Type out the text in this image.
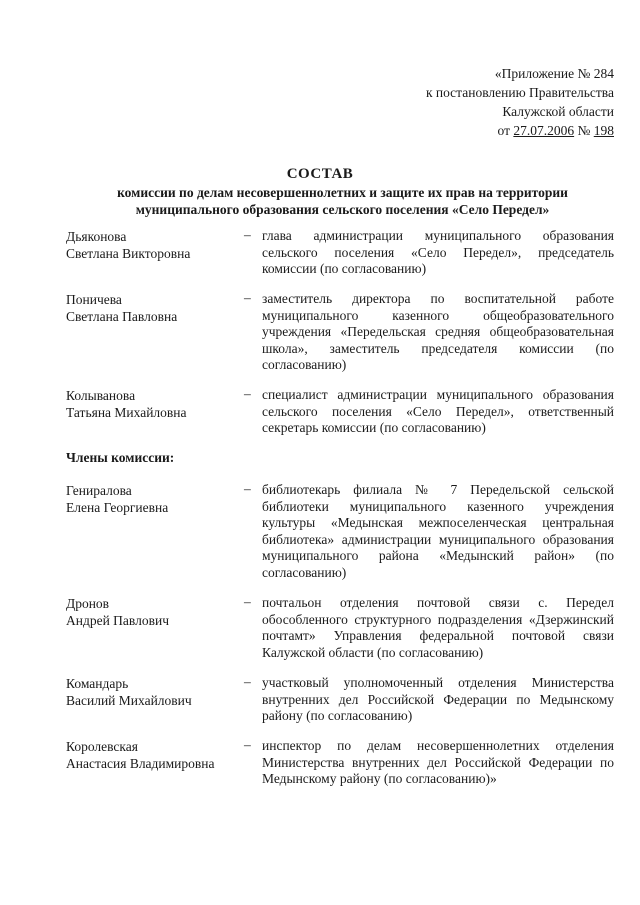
«Приложение № 284
к постановлению Правительства
Калужской области
от 27.07.2006 № 198
СОСТАВ
комиссии по делам несовершеннолетних и защите их прав на территории
муниципального образования сельского поселения «Село Передел»
Дьяконова
Светлана Викторовна
– глава администрации муниципального образования сельского поселения «Село Передел», председатель комиссии (по согласованию)
Поничева
Светлана Павловна
– заместитель директора по воспитательной работе муниципального казенного общеобразовательного учреждения «Передельская средняя общеобразовательная школа», заместитель председателя комиссии (по согласованию)
Колыванова
Татьяна Михайловна
– специалист администрации муниципального образования сельского поселения «Село Передел», ответственный секретарь комиссии (по согласованию)
Члены комиссии:
Гениралова
Елена Георгиевна
– библиотекарь филиала № 7 Передельской сельской библиотеки муниципального казенного учреждения культуры «Медынская межпоселенческая центральная библиотека» администрации муниципального образования муниципального района «Медынский район» (по согласованию)
Дронов
Андрей Павлович
– почтальон отделения почтовой связи с. Передел обособленного структурного подразделения «Дзержинский почтамт» Управления федеральной почтовой связи Калужской области (по согласованию)
Командарь
Василий Михайлович
– участковый уполномоченный отделения Министерства внутренних дел Российской Федерации по Медынскому району (по согласованию)
Королевская
Анастасия Владимировна
– инспектор по делам несовершеннолетних отделения Министерства внутренних дел Российской Федерации по Медынскому району (по согласованию)»
